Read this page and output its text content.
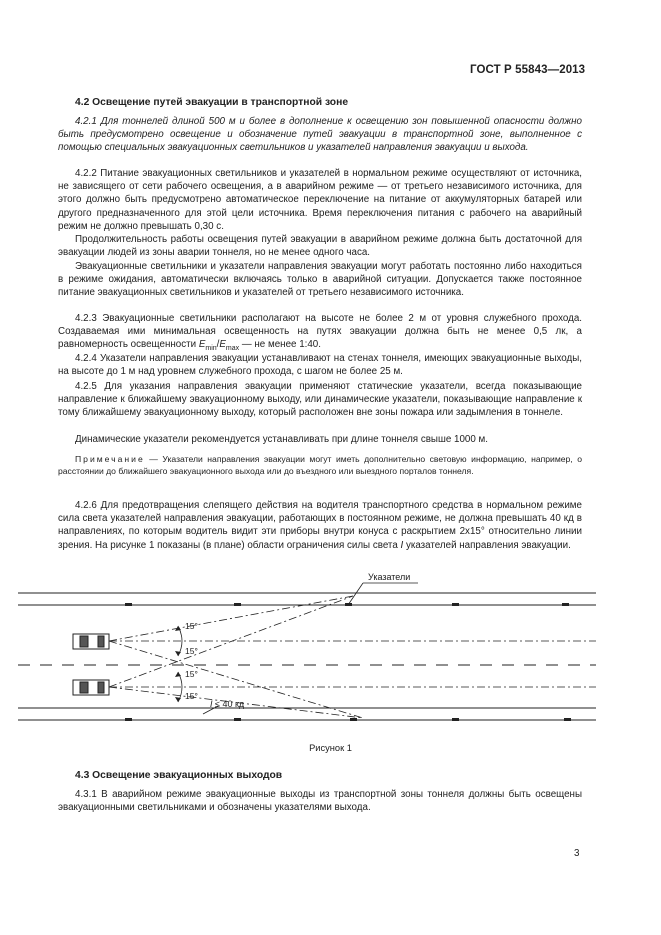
ГОСТ Р 55843—2013
4.2 Освещение путей эвакуации в транспортной зоне

4.2.1 Для тоннелей длиной 500 м и более в дополнение к освещению зон повышенной опасности должно быть предусмотрено освещение и обозначение путей эвакуации в транспортной зоне, выполненное с помощью специальных эвакуационных светильников и указателей направления эвакуации и выхода.

4.2.2 Питание эвакуационных светильников и указателей в нормальном режиме осуществляют от источника, не зависящего от сети рабочего освещения, а в аварийном режиме — от третьего независимого источника, для этого должно быть предусмотрено автоматическое переключение на питание от аккумуляторных батарей или другого предназначенного для этой цели источника. Время переключения питания с рабочего на аварийный режим не должно превышать 0,30 с.

Продолжительность работы освещения путей эвакуации в аварийном режиме должна быть достаточной для эвакуации людей из зоны аварии тоннеля, но не менее одного часа.

Эвакуационные светильники и указатели направления эвакуации могут работать постоянно либо находиться в режиме ожидания, автоматически включаясь только в аварийной ситуации. Допускается также постоянное питание эвакуационных светильников и указателей от третьего независимого источника.

4.2.3 Эвакуационные светильники располагают на высоте не более 2 м от уровня служебного прохода. Создаваемая ими минимальная освещенность на путях эвакуации должна быть не менее 0,5 лк, а равномерность освещенности $E_{min}/E_{max}$ — не менее 1:40.

4.2.4 Указатели направления эвакуации устанавливают на стенах тоннеля, имеющих эвакуационные выходы, на высоте до 1 м над уровнем служебного прохода, с шагом не более 25 м.

4.2.5 Для указания направления эвакуации применяют статические указатели, всегда показывающие направление к ближайшему эвакуационному выходу, или динамические указатели, показывающие направление к тому ближайшему эвакуационному выходу, который расположен вне зоны пожара или задымления в тоннеле.

Динамические указатели рекомендуется устанавливать при длине тоннеля свыше 1000 м.

Примечание — Указатели направления эвакуации могут иметь дополнительно световую информацию, например, о расстоянии до ближайшего эвакуационного выхода или до въездного или выездного порталов тоннеля.

4.2.6 Для предотвращения слепящего действия на водителя транспортного средства в нормальном режиме сила света указателей направления эвакуации, работающих в постоянном режиме, не должна превышать 40 кд в направлениях, по которым водитель видит эти приборы внутри конуса с раскрытием 2х15° относительно линии зрения. На рисунке 1 показаны (в плане) области ограничения силы света I указателей направления эвакуации.

Указатели
15°
15°
15°
15°
I ≤ 40 кд
Рисунок 1
4.3 Освещение эвакуационных выходов

4.3.1 В аварийном режиме эвакуационные выходы из транспортной зоны тоннеля должны быть освещены эвакуационными светильниками и обозначены указателями выхода.

3
